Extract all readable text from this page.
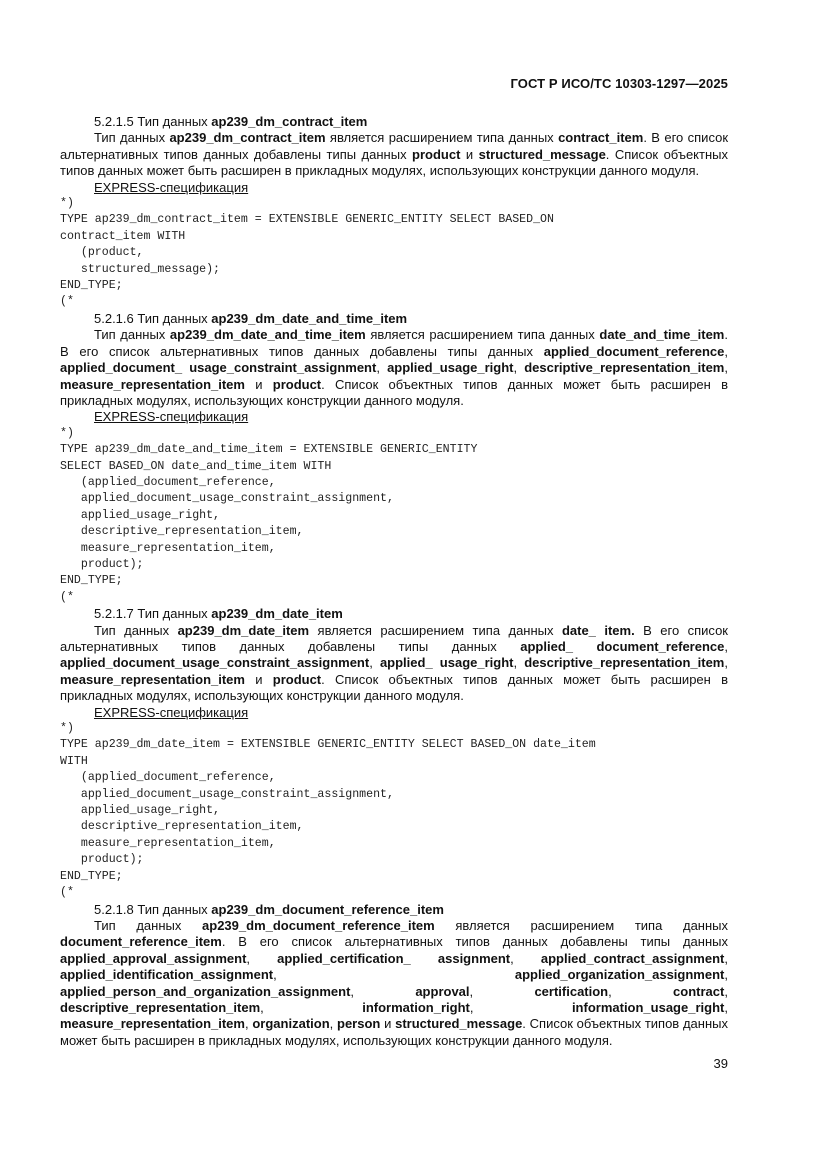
ГОСТ Р ИСО/ТС 10303-1297—2025

5.2.1.5 Тип данных ap239_dm_contract_item

Тип данных ap239_dm_contract_item является расширением типа данных contract_item. В его список альтернативных типов данных добавлены типы данных product и structured_message. Список объектных типов данных может быть расширен в прикладных модулях, использующих конструкции данного модуля.

EXPRESS-спецификация

*)
TYPE ap239_dm_contract_item = EXTENSIBLE GENERIC_ENTITY SELECT BASED_ON
contract_item WITH
(product,
structured_message);
END_TYPE;
(*

5.2.1.6 Тип данных ap239_dm_date_and_time_item

Тип данных ap239_dm_date_and_time_item является расширением типа данных date_and_time_item. В его список альтернативных типов данных добавлены типы данных applied_document_reference, applied_document_ usage_constraint_assignment, applied_usage_right, descriptive_representation_item, measure_representation_item и product. Список объектных типов данных может быть расширен в прикладных модулях, использующих конструкции данного модуля.

EXPRESS-спецификация

*)
TYPE ap239_dm_date_and_time_item = EXTENSIBLE GENERIC_ENTITY
SELECT BASED_ON date_and_time_item WITH
(applied_document_reference,
applied_document_usage_constraint_assignment,
applied_usage_right,
descriptive_representation_item,
measure_representation_item,
product);
END_TYPE;
(*

5.2.1.7 Тип данных ap239_dm_date_item

Тип данных ap239_dm_date_item является расширением типа данных date_ item. В его список альтернативных типов данных добавлены типы данных applied_ document_reference, applied_document_usage_constraint_assignment, applied_ usage_right, descriptive_representation_item, measure_representation_item и product. Список объектных типов данных может быть расширен в прикладных модулях, использующих конструкции данного модуля.

EXPRESS-спецификация

*)
TYPE ap239_dm_date_item = EXTENSIBLE GENERIC_ENTITY SELECT BASED_ON date_item
WITH
(applied_document_reference,
applied_document_usage_constraint_assignment,
applied_usage_right,
descriptive_representation_item,
measure_representation_item,
product);
END_TYPE;
(*

5.2.1.8 Тип данных ap239_dm_document_reference_item

Тип данных ap239_dm_document_reference_item является расширением типа данных document_reference_item. В его список альтернативных типов данных добавлены типы данных applied_approval_assignment, applied_certification_ assignment, applied_contract_assignment, applied_identification_assignment, applied_organization_assignment, applied_person_and_organization_assignment, approval, certification, contract, descriptive_representation_item, information_right, information_usage_right, measure_representation_item, organization, person и structured_message. Список объектных типов данных может быть расширен в прикладных модулях, использующих конструкции данного модуля.

39
